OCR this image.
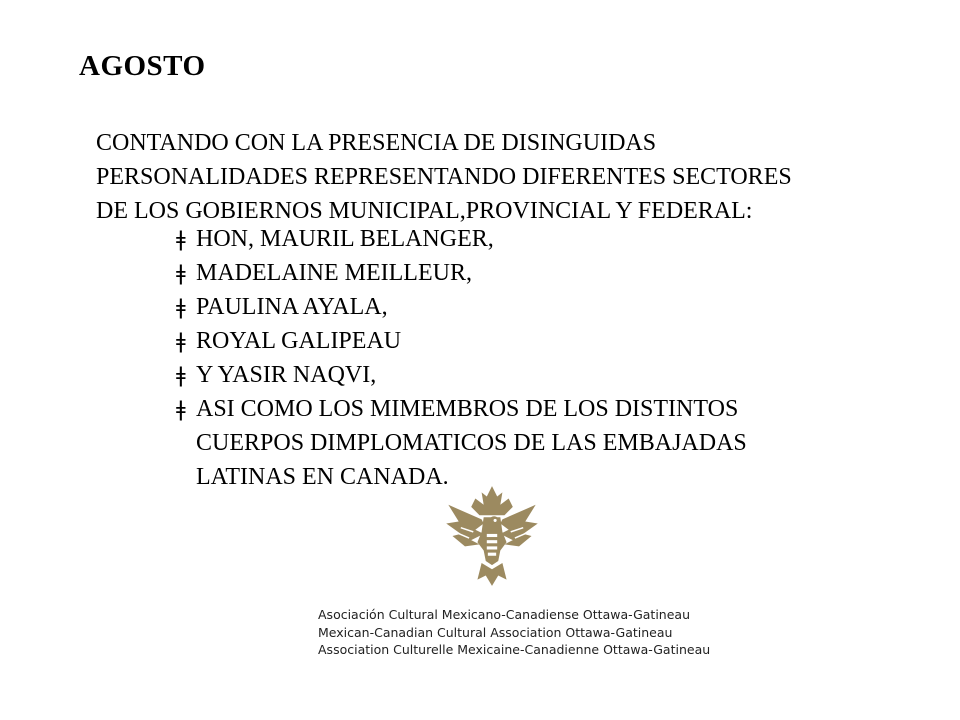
AGOSTO
CONTANDO CON LA PRESENCIA DE DISINGUIDAS
PERSONALIDADES REPRESENTANDO DIFERENTES SECTORES
DE LOS GOBIERNOS MUNICIPAL,PROVINCIAL Y FEDERAL:
ǂ HON, MAURIL BELANGER,
ǂ MADELAINE MEILLEUR,
ǂ PAULINA AYALA,
ǂ ROYAL GALIPEAU
ǂ Y YASIR NAQVI,
ǂ ASI COMO LOS MIMEMBROS DE LOS DISTINTOS
CUERPOS DIMPLOMATICOS DE LAS EMBAJADAS
LATINAS EN CANADA.
Asociación Cultural Mexicano-Canadiense Ottawa-Gatineau
Mexican-Canadian Cultural Association Ottawa-Gatineau
Association Culturelle Mexicaine-Canadienne Ottawa-Gatineau
